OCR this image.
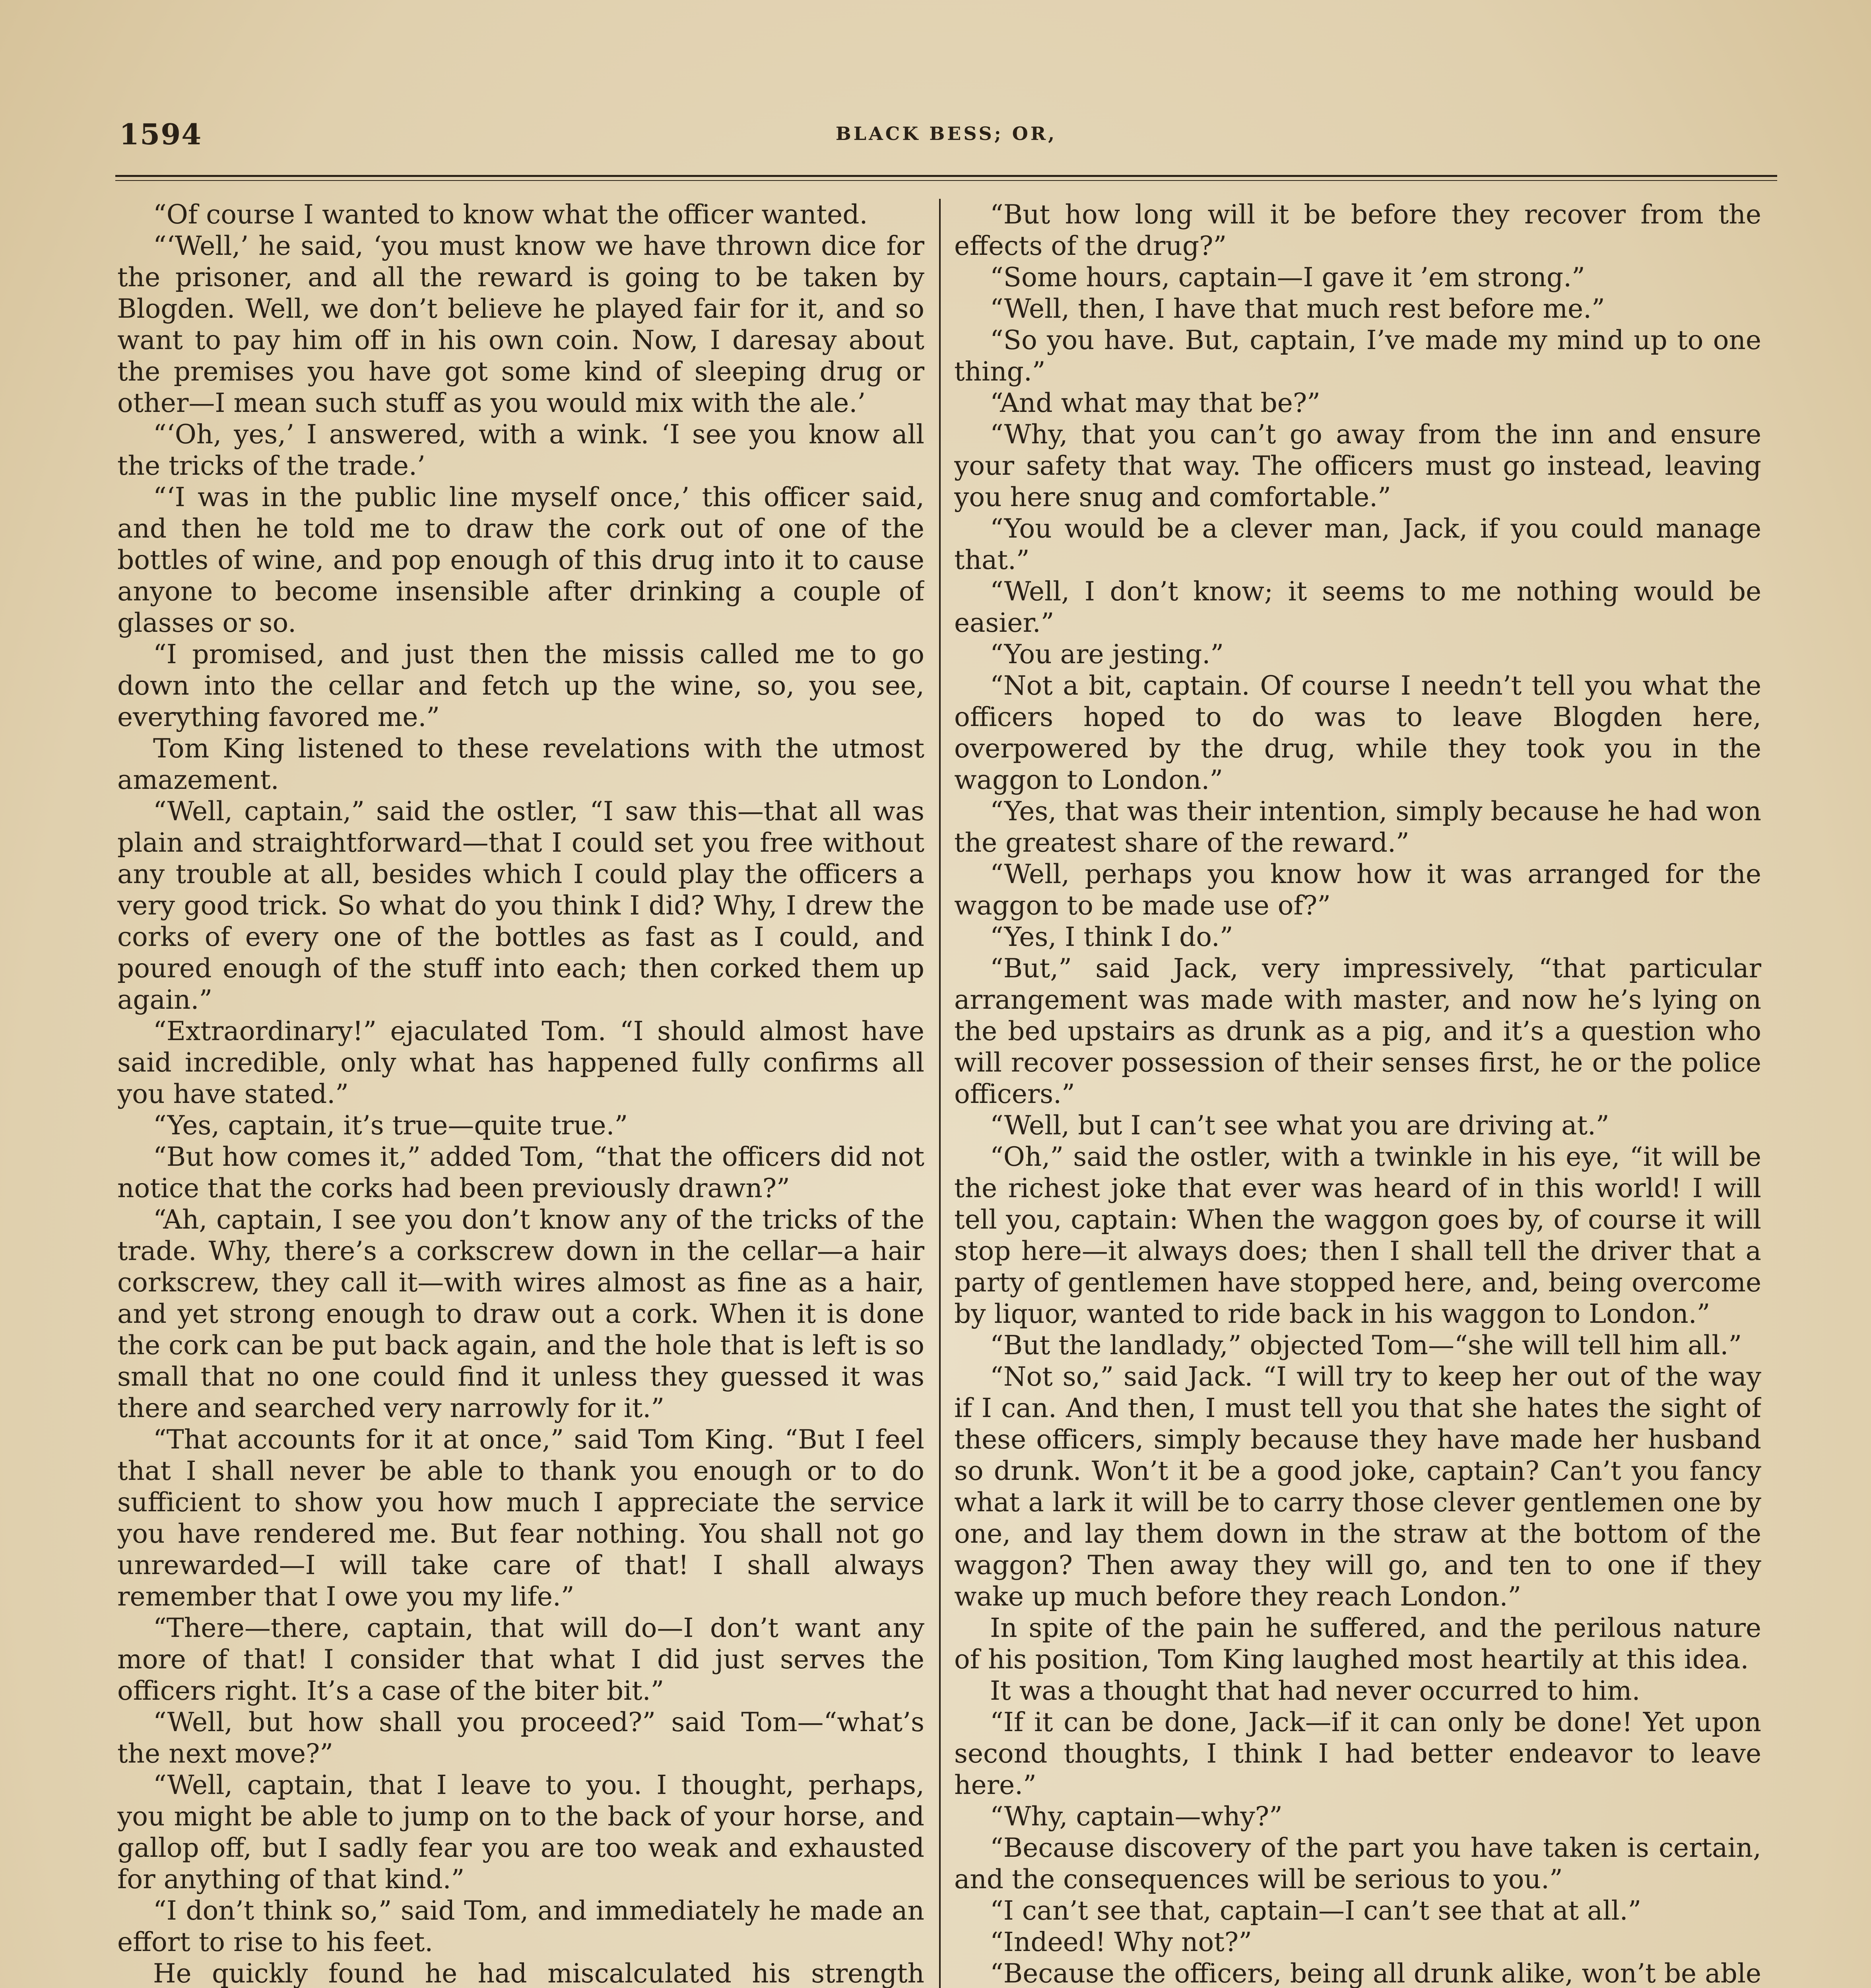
1594	BLACK BESS; OR,

“Of course I wanted to know what the officer wanted.

“‘Well,’ he said, ‘you must know we have thrown dice for the prisoner, and all the reward is going to be taken by Blogden. Well, we don’t believe he played fair for it, and so want to pay him off in his own coin. Now, I daresay about the premises you have got some kind of sleeping drug or other—I mean such stuff as you would mix with the ale.’

“‘Oh, yes,’ I answered, with a wink. ‘I see you know all the tricks of the trade.’

“‘I was in the public line myself once,’ this officer said, and then he told me to draw the cork out of one of the bottles of wine, and pop enough of this drug into it to cause anyone to become insensible after drinking a couple of glasses or so.

“I promised, and just then the missis called me to go down into the cellar and fetch up the wine, so, you see, everything favored me.”

Tom King listened to these revelations with the utmost amazement.

“Well, captain,” said the ostler, “I saw this—that all was plain and straightforward—that I could set you free without any trouble at all, besides which I could play the officers a very good trick. So what do you think I did? Why, I drew the corks of every one of the bottles as fast as I could, and poured enough of the stuff into each; then corked them up again.”

“Extraordinary!” ejaculated Tom. “I should almost have said incredible, only what has happened fully confirms all you have stated.”

“Yes, captain, it’s true—quite true.”

“But how comes it,” added Tom, “that the officers did not notice that the corks had been previously drawn?”

“Ah, captain, I see you don’t know any of the tricks of the trade. Why, there’s a corkscrew down in the cellar—a hair corkscrew, they call it—with wires almost as fine as a hair, and yet strong enough to draw out a cork. When it is done the cork can be put back again, and the hole that is left is so small that no one could find it unless they guessed it was there and searched very narrowly for it.”

“That accounts for it at once,” said Tom King. “But I feel that I shall never be able to thank you enough or to do sufficient to show you how much I appreciate the service you have rendered me. But fear nothing. You shall not go unrewarded—I will take care of that! I shall always remember that I owe you my life.”

“There—there, captain, that will do—I don’t want any more of that! I consider that what I did just serves the officers right. It’s a case of the biter bit.”

“Well, but how shall you proceed?” said Tom—“what’s the next move?”

“Well, captain, that I leave to you. I thought, perhaps, you might be able to jump on to the back of your horse, and gallop off, but I sadly fear you are too weak and exhausted for anything of that kind.”

“I don’t think so,” said Tom, and immediately he made an effort to rise to his feet.

He quickly found he had miscalculated his strength

“But how long will it be before they recover from the effects of the drug?”

“Some hours, captain—I gave it ’em strong.”

“Well, then, I have that much rest before me.”

“So you have. But, captain, I’ve made my mind up to one thing.”

“And what may that be?”

“Why, that you can’t go away from the inn and ensure your safety that way. The officers must go instead, leaving you here snug and comfortable.”

“You would be a clever man, Jack, if you could manage that.”

“Well, I don’t know; it seems to me nothing would be easier.”

“You are jesting.”

“Not a bit, captain. Of course I needn’t tell you what the officers hoped to do was to leave Blogden here, overpowered by the drug, while they took you in the waggon to London.”

“Yes, that was their intention, simply because he had won the greatest share of the reward.”

“Well, perhaps you know how it was arranged for the waggon to be made use of?”

“Yes, I think I do.”

“But,” said Jack, very impressively, “that particular arrangement was made with master, and now he’s lying on the bed upstairs as drunk as a pig, and it’s a question who will recover possession of their senses first, he or the police officers.”

“Well, but I can’t see what you are driving at.”

“Oh,” said the ostler, with a twinkle in his eye, “it will be the richest joke that ever was heard of in this world! I will tell you, captain: When the waggon goes by, of course it will stop here—it always does; then I shall tell the driver that a party of gentlemen have stopped here, and, being overcome by liquor, wanted to ride back in his waggon to London.”

“But the landlady,” objected Tom—“she will tell him all.”

“Not so,” said Jack. “I will try to keep her out of the way if I can. And then, I must tell you that she hates the sight of these officers, simply because they have made her husband so drunk. Won’t it be a good joke, captain? Can’t you fancy what a lark it will be to carry those clever gentlemen one by one, and lay them down in the straw at the bottom of the waggon? Then away they will go, and ten to one if they wake up much before they reach London.”

In spite of the pain he suffered, and the perilous nature of his position, Tom King laughed most heartily at this idea.

It was a thought that had never occurred to him.

“If it can be done, Jack—if it can only be done! Yet upon second thoughts, I think I had better endeavor to leave here.”

“Why, captain—why?”

“Because discovery of the part you have taken is certain, and the consequences will be serious to you.”

“I can’t see that, captain—I can’t see that at all.”

“Indeed! Why not?”

“Because the officers, being all drunk alike, won’t be able
